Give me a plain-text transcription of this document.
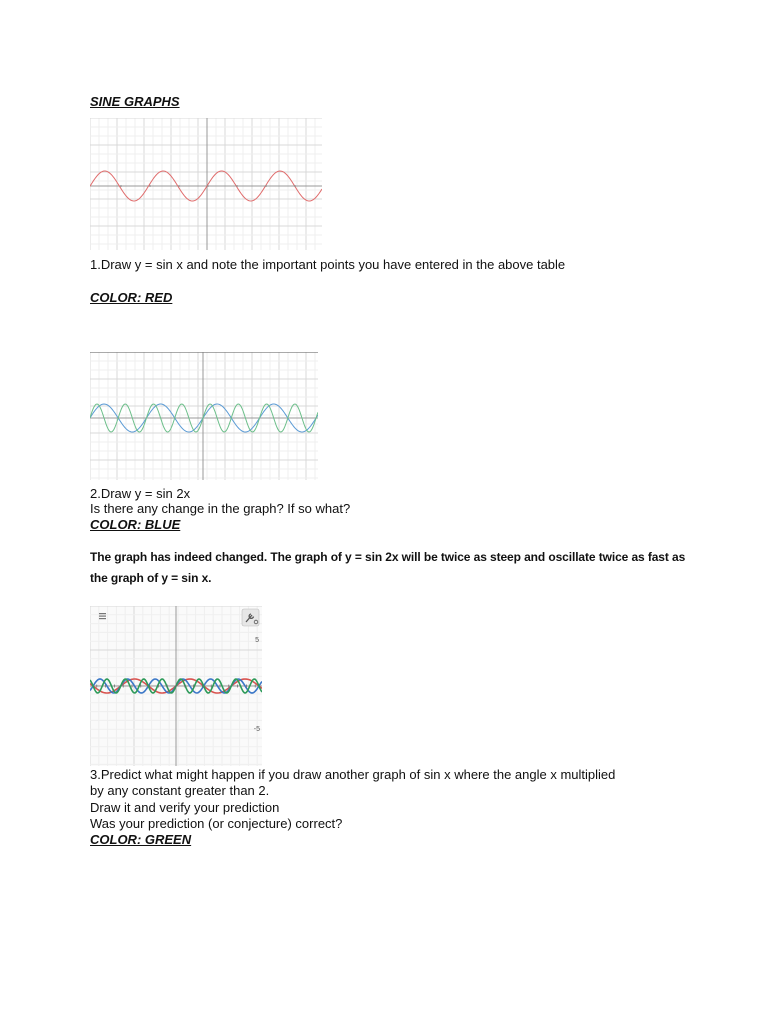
SINE GRAPHS
1.Draw y = sin x and note the important points you have entered in the above table
COLOR: RED
2.Draw y = sin 2x
Is there any change in the graph? If so what?
COLOR: BLUE
The graph has indeed changed. The graph of y = sin 2x will be twice as steep and oscillate twice as fast as
the graph of y = sin x.
5
-5
3.Predict what might happen if you draw another graph of sin x where the angle x multiplied
by any constant greater than 2.
Draw it and verify your prediction
Was your prediction (or conjecture) correct?
COLOR: GREEN
